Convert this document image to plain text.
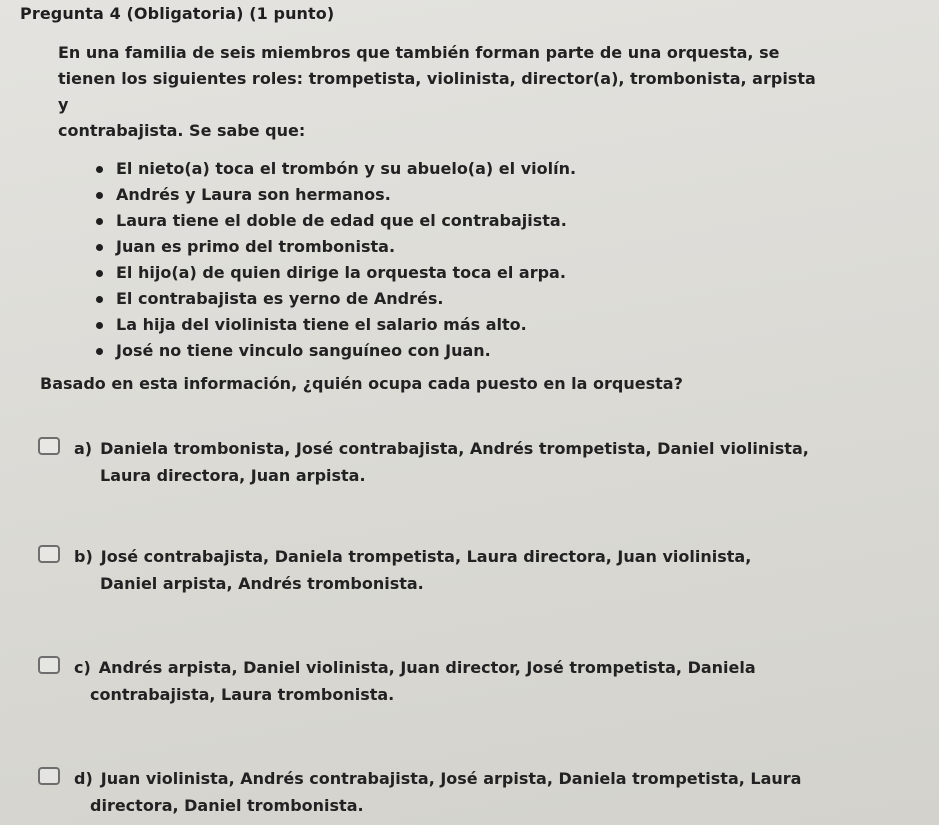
Pregunta 4 (Obligatoria) (1 punto)
En una familia de seis miembros que también forman parte de una orquesta, se
tienen los siguientes roles: trompetista, violinista, director(a), trombonista, arpista y
contrabajista. Se sabe que:
El nieto(a) toca el trombón y su abuelo(a) el violín.
Andrés y Laura son hermanos.
Laura tiene el doble de edad que el contrabajista.
Juan es primo del trombonista.
El hijo(a) de quien dirige la orquesta toca el arpa.
El contrabajista es yerno de Andrés.
La hija del violinista tiene el salario más alto.
José no tiene vinculo sanguíneo con Juan.
Basado en esta información, ¿quién ocupa cada puesto en la orquesta?
a) Daniela trombonista, José contrabajista, Andrés trompetista, Daniel violinista,
Laura directora, Juan arpista.
b) José contrabajista, Daniela trompetista, Laura directora, Juan violinista,
Daniel arpista, Andrés trombonista.
c) Andrés arpista, Daniel violinista, Juan director, José trompetista, Daniela
contrabajista, Laura trombonista.
d) Juan violinista, Andrés contrabajista, José arpista, Daniela trompetista, Laura
directora, Daniel trombonista.
